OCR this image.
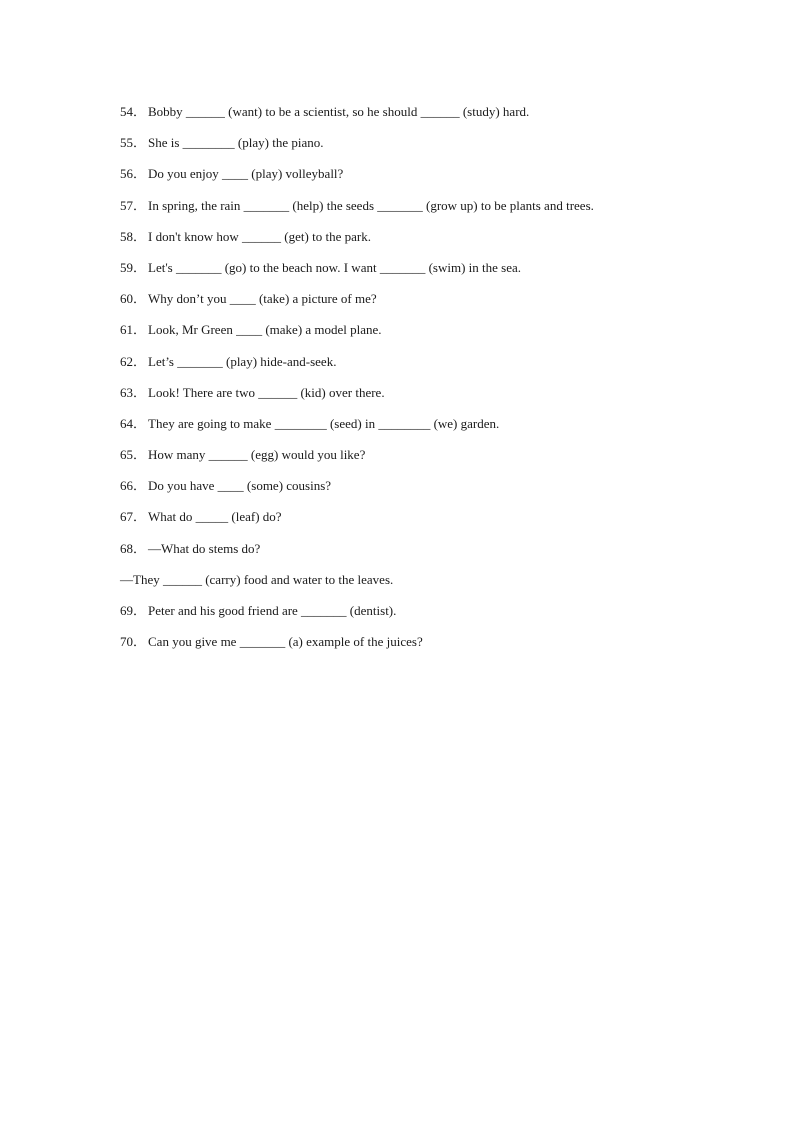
54． Bobby ______ (want) to be a scientist, so he should ______ (study) hard.
55． She is ________ (play) the piano.
56． Do you enjoy ____ (play) volleyball?
57． In spring, the rain _______ (help) the seeds _______ (grow up) to be plants and trees.
58． I don't know how ______ (get) to the park.
59． Let's _______ (go) to the beach now. I want _______ (swim) in the sea.
60． Why don’t you ____ (take) a picture of me?
61． Look, Mr Green ____ (make) a model plane.
62． Let’s _______ (play) hide-and-seek.
63． Look! There are two ______ (kid) over there.
64． They are going to make ________ (seed) in ________ (we) garden.
65． How many ______ (egg) would you like?
66． Do you have ____ (some) cousins?
67． What do _____ (leaf) do?
68． —What do stems do?
—They ______ (carry) food and water to the leaves.
69． Peter and his good friend are _______ (dentist).
70． Can you give me _______ (a) example of the juices?
